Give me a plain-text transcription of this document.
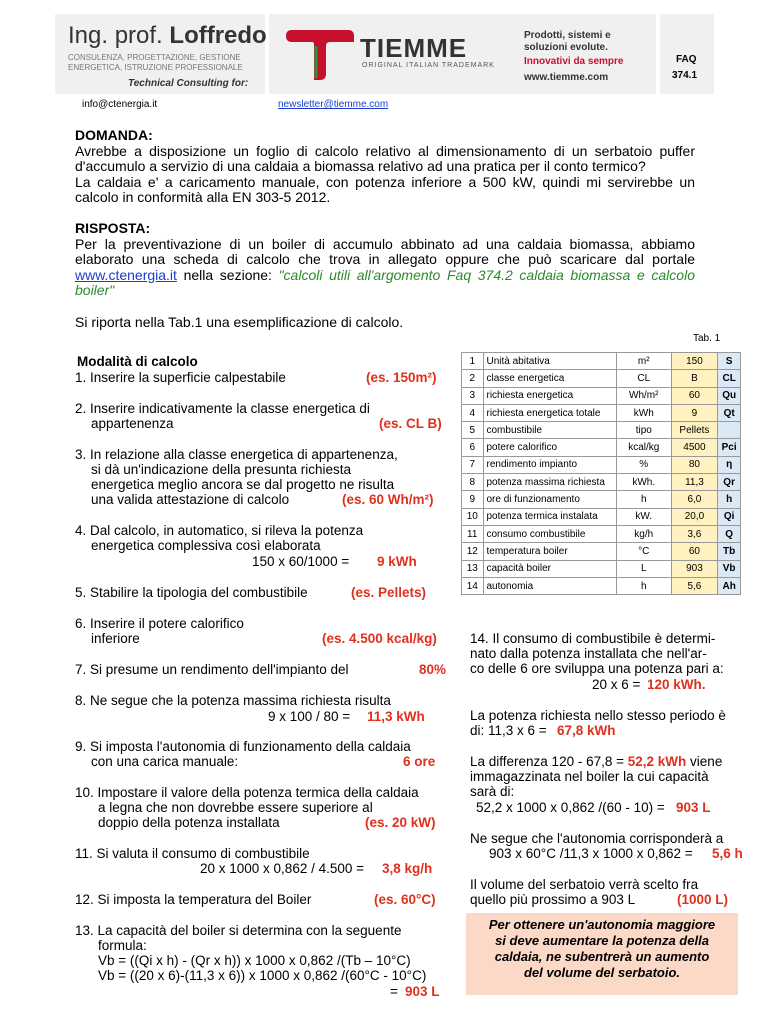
Ing. prof. Loffredo
CONSULENZA, PROGETTAZIONE, GESTIONE ENERGETICA, ISTRUZIONE PROFESSIONALE
Technical Consulting for:
TIEMME
ORIGINAL ITALIAN TRADEMARK
Prodotti, sistemi e
soluzioni evolute.
Innovativi da sempre
www.tiemme.com
FAQ
374.1
info@ctenergia.it	newsletter@tiemme.com
DOMANDA:
Avrebbe a disposizione un foglio di calcolo relativo al dimensionamento di un serbatoio puffer d'accumulo a servizio di una caldaia a biomassa relativo ad una pratica per il conto termico?
La caldaia e' a caricamento manuale, con potenza inferiore a 500 kW, quindi mi servirebbe un calcolo in conformità alla EN 303-5 2012.
RISPOSTA:
Per la preventivazione di un boiler di accumulo abbinato ad una caldaia biomassa, abbiamo elaborato una scheda di calcolo che trova in allegato oppure che può scaricare dal portale www.ctenergia.it nella sezione: "calcoli utili all'argomento Faq 374.2 caldaia biomassa e calcolo boiler"
Si riporta nella Tab.1 una esemplificazione di calcolo.
Modalità di calcolo
1. Inserire la superficie calpestabile	(es. 150m²)
2. Inserire indicativamente la classe energetica di
appartenenza	(es. CL B)
3. In relazione alla classe energetica di appartenenza,
si dà un'indicazione della presunta richiesta
energetica meglio ancora se dal progetto ne risulta
una valida attestazione di calcolo	(es. 60 Wh/m²)
4. Dal calcolo, in automatico, si rileva la potenza
energetica complessiva così elaborata
150 x 60/1000 = 9 kWh
5. Stabilire la tipologia del combustibile	(es. Pellets)
6. Inserire il potere calorifico
inferiore	(es. 4.500 kcal/kg)
7. Si presume un rendimento dell'impianto del	80%
8. Ne segue che la potenza massima richiesta risulta
9 x 100 / 80 = 11,3 kWh
9. Si imposta l'autonomia di funzionamento della caldaia
con una carica manuale:	6 ore
10. Impostare il valore della potenza termica della caldaia
a legna che non dovrebbe essere superiore al
doppio della potenza installata	(es. 20 kW)
11. Si valuta il consumo di combustibile
20 x 1000 x 0,862 / 4.500 = 3,8 kg/h
12. Si imposta la temperatura del Boiler	(es. 60°C)
13. La capacità del boiler si determina con la seguente
formula:
Vb = ((Qi x h) - (Qr x h)) x 1000 x 0,862 /(Tb – 10°C)
Vb = ((20 x 6)-(11,3 x 6)) x 1000 x 0,862 /(60°C - 10°C)
= 903 L
Tab. 1
1	Unità abitativa	m²	150	S
2	classe energetica	CL	B	CL
3	richiesta energetica	Wh/m²	60	Qu
4	richiesta energetica totale	kWh	9	Qt
5	combustibile	tipo	Pellets	
6	potere calorifico	kcal/kg	4500	Pci
7	rendimento impianto	%	80	η
8	potenza massima richiesta	kWh.	11,3	Qr
9	ore di funzionamento	h	6,0	h
10	potenza termica instalata	kW.	20,0	Qi
11	consumo combustibile	kg/h	3,6	Q
12	temperatura boiler	°C	60	Tb
13	capacità boiler	L	903	Vb
14	autonomia	h	5,6	Ah
14. Il consumo di combustibile è determi-
nato dalla potenza installata che nell'ar-
co delle 6 ore sviluppa una potenza pari a:
20 x 6 = 120 kWh.
La potenza richiesta nello stesso periodo è
di: 11,3 x 6 = 67,8 kWh
La differenza 120 - 67,8 = 52,2 kWh viene
immagazzinata nel boiler la cui capacità
sarà di:
52,2 x 1000 x 0,862 /(60 - 10) = 903 L
Ne segue che l'autonomia corrisponderà a
903 x 60°C /11,3 x 1000 x 0,862 = 5,6 h
Il volume del serbatoio verrà scelto fra
quello più prossimo a 903 L	(1000 L)
Per ottenere un'autonomia maggiore
si deve aumentare la potenza della
caldaia, ne subentrerà un aumento
del volume del serbatoio.
